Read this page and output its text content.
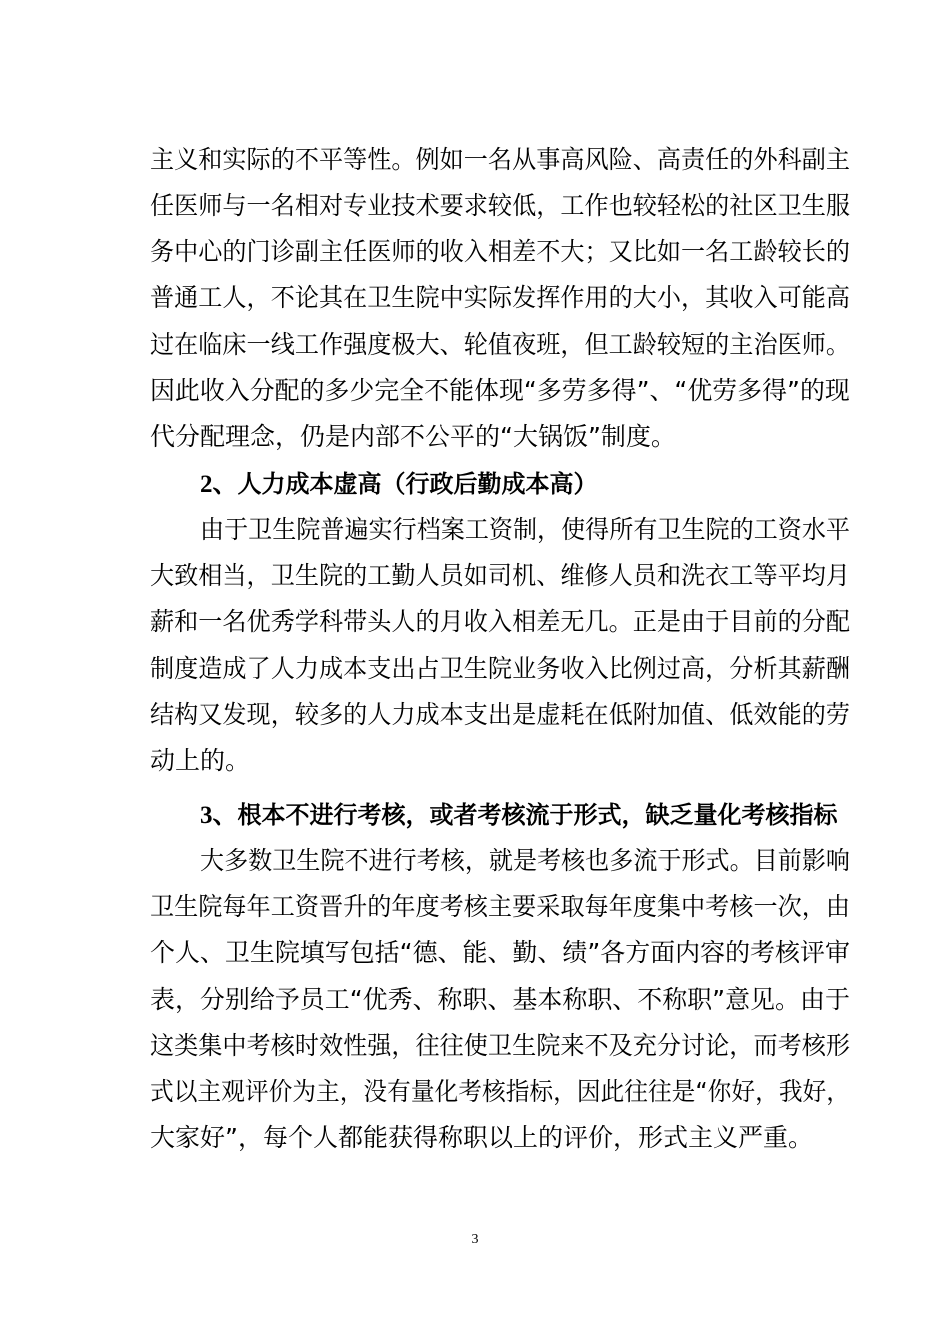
主义和实际的不平等性。例如一名从事高风险、高责任的外科副主
任医师与一名相对专业技术要求较低，工作也较轻松的社区卫生服
务中心的门诊副主任医师的收入相差不大；又比如一名工龄较长的
普通工人，不论其在卫生院中实际发挥作用的大小，其收入可能高
过在临床一线工作强度极大、轮值夜班，但工龄较短的主治医师。
因此收入分配的多少完全不能体现“多劳多得”、“优劳多得”的现
代分配理念，仍是内部不公平的“大锅饭”制度。
2、人力成本虚高（行政后勤成本高）
由于卫生院普遍实行档案工资制，使得所有卫生院的工资水平
大致相当，卫生院的工勤人员如司机、维修人员和洗衣工等平均月
薪和一名优秀学科带头人的月收入相差无几。正是由于目前的分配
制度造成了人力成本支出占卫生院业务收入比例过高，分析其薪酬
结构又发现，较多的人力成本支出是虚耗在低附加值、低效能的劳
动上的。
3、根本不进行考核，或者考核流于形式，缺乏量化考核指标
大多数卫生院不进行考核，就是考核也多流于形式。目前影响
卫生院每年工资晋升的年度考核主要采取每年度集中考核一次，由
个人、卫生院填写包括“德、能、勤、绩”各方面内容的考核评审
表，分别给予员工“优秀、称职、基本称职、不称职”意见。由于
这类集中考核时效性强，往往使卫生院来不及充分讨论，而考核形
式以主观评价为主，没有量化考核指标，因此往往是“你好，我好，
大家好”，每个人都能获得称职以上的评价，形式主义严重。
3
